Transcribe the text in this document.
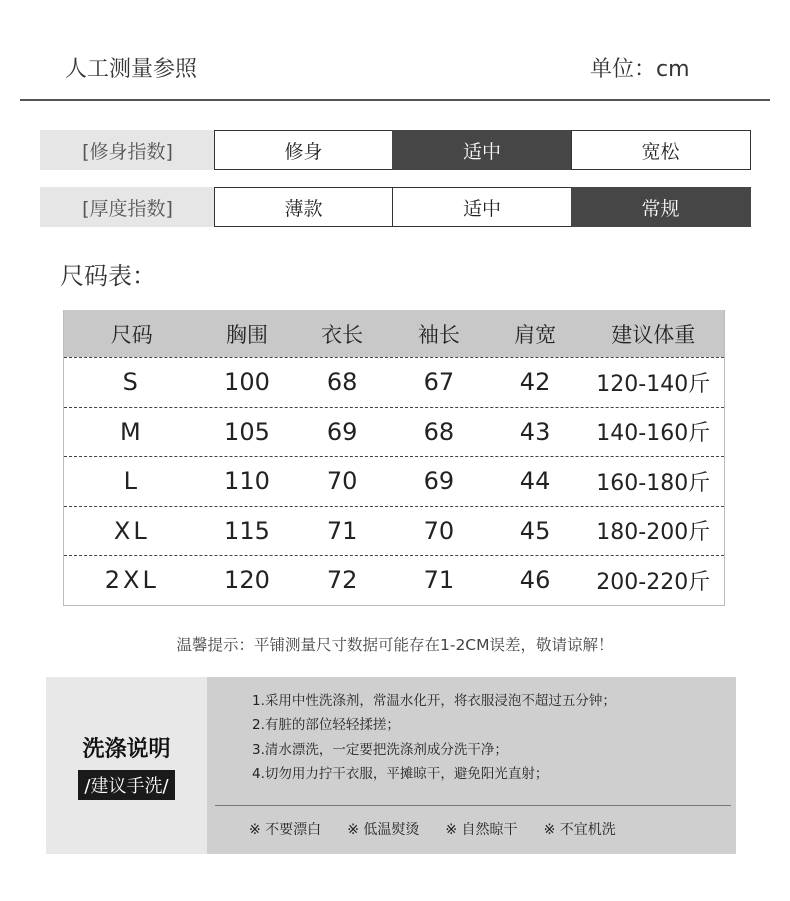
人工测量参照	单位：cm
[修身指数]	修身	适中	宽松
[厚度指数]	薄款	适中	常规
尺码表：
尺码	胸围	衣长	袖长	肩宽	建议体重
S	100	68	67	42	120-140斤
M	105	69	68	43	140-160斤
L	110	70	69	44	160-180斤
XL	115	71	70	45	180-200斤
2XL	120	72	71	46	200-220斤
温馨提示：平铺测量尺寸数据可能存在1-2CM误差，敬请谅解！
洗涤说明
/建议手洗/
1.采用中性洗涤剂，常温水化开，将衣服浸泡不超过五分钟；
2.有脏的部位轻轻揉搓；
3.清水漂洗，一定要把洗涤剂成分洗干净；
4.切勿用力拧干衣服，平摊晾干，避免阳光直射；
※ 不要漂白 ※ 低温熨烫 ※ 自然晾干 ※ 不宜机洗
